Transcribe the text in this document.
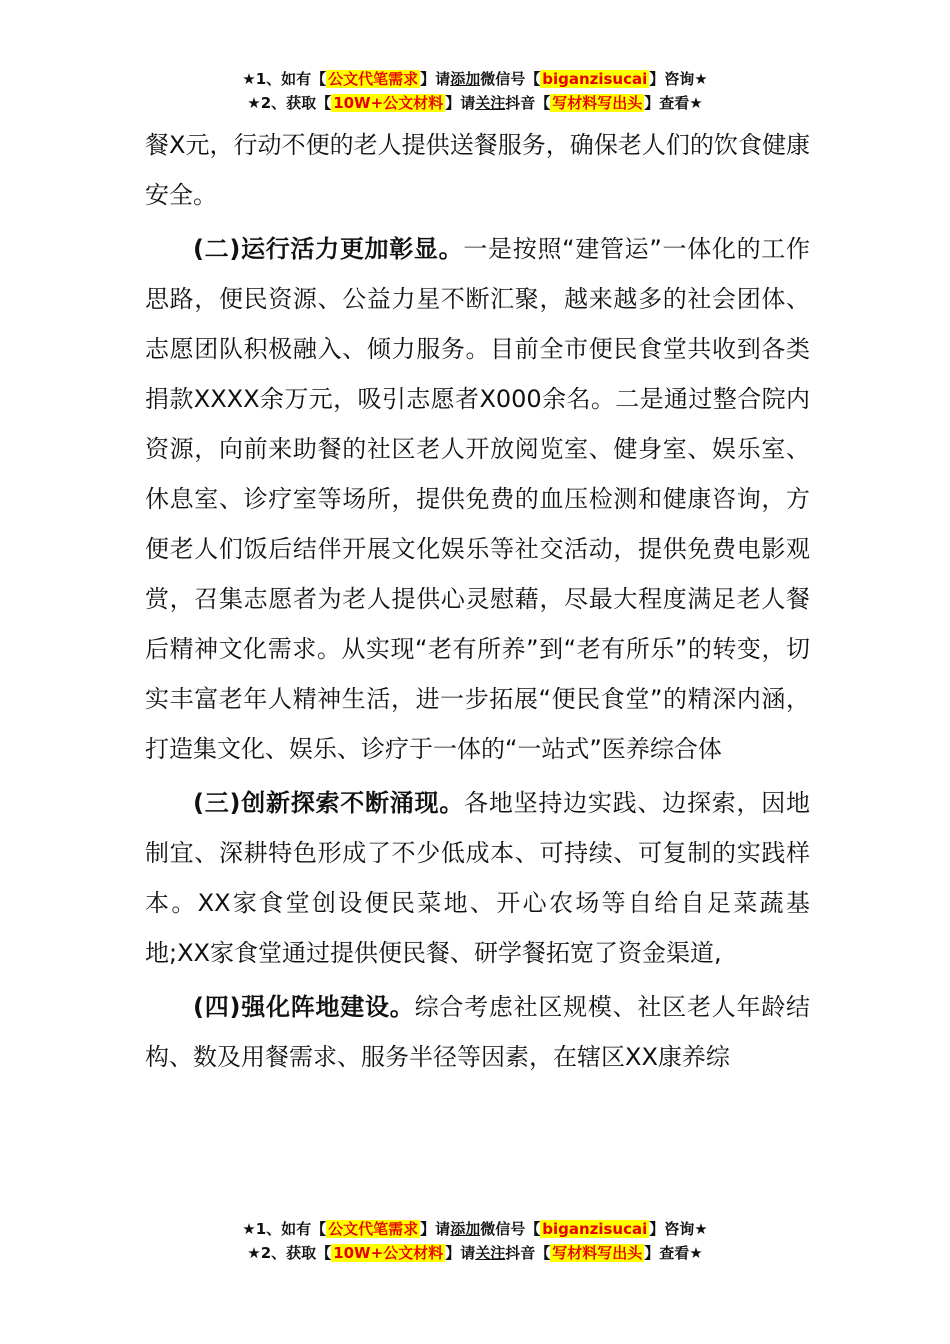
★1、如有【 公文代笔需求 】请添加微信号【 biganzisucai 】咨询★
★2、获取【 10W+公文材料 】请关注抖音【 写材料写出头 】查看★

餐X元，行动不便的老人提供送餐服务，确保老人们的饮食健康安全。

(二)运行活力更加彰显。一是按照“建管运”一体化的工作思路，便民资源、公益力星不断汇聚，越来越多的社会团体、志愿团队积极融入、倾力服务。目前全市便民食堂共收到各类捐款XXXX余万元，吸引志愿者X000余名。二是通过整合院内资源，向前来助餐的社区老人开放阅览室、健身室、娱乐室、休息室、诊疗室等场所，提供免费的血压检测和健康咨询，方便老人们饭后结伴开展文化娱乐等社交活动，提供免费电影观赏，召集志愿者为老人提供心灵慰藉，尽最大程度满足老人餐后精神文化需求。从实现“老有所养”到“老有所乐”的转变，切实丰富老年人精神生活，进一步拓展“便民食堂”的精深内涵，打造集文化、娱乐、诊疗于一体的“一站式”医养综合体

(三)创新探索不断涌现。各地坚持边实践、边探索，因地制宜、深耕特色形成了不少低成本、可持续、可复制的实践样本。XX家食堂创设便民菜地、开心农场等自给自足菜蔬基地;XX家食堂通过提供便民餐、研学餐拓宽了资金渠道,

(四)强化阵地建设。综合考虑社区规模、社区老人年龄结构、数及用餐需求、服务半径等因素，在辖区XX康养综

★1、如有【 公文代笔需求 】请添加微信号【 biganzisucai 】咨询★
★2、获取【 10W+公文材料 】请关注抖音【 写材料写出头 】查看★
